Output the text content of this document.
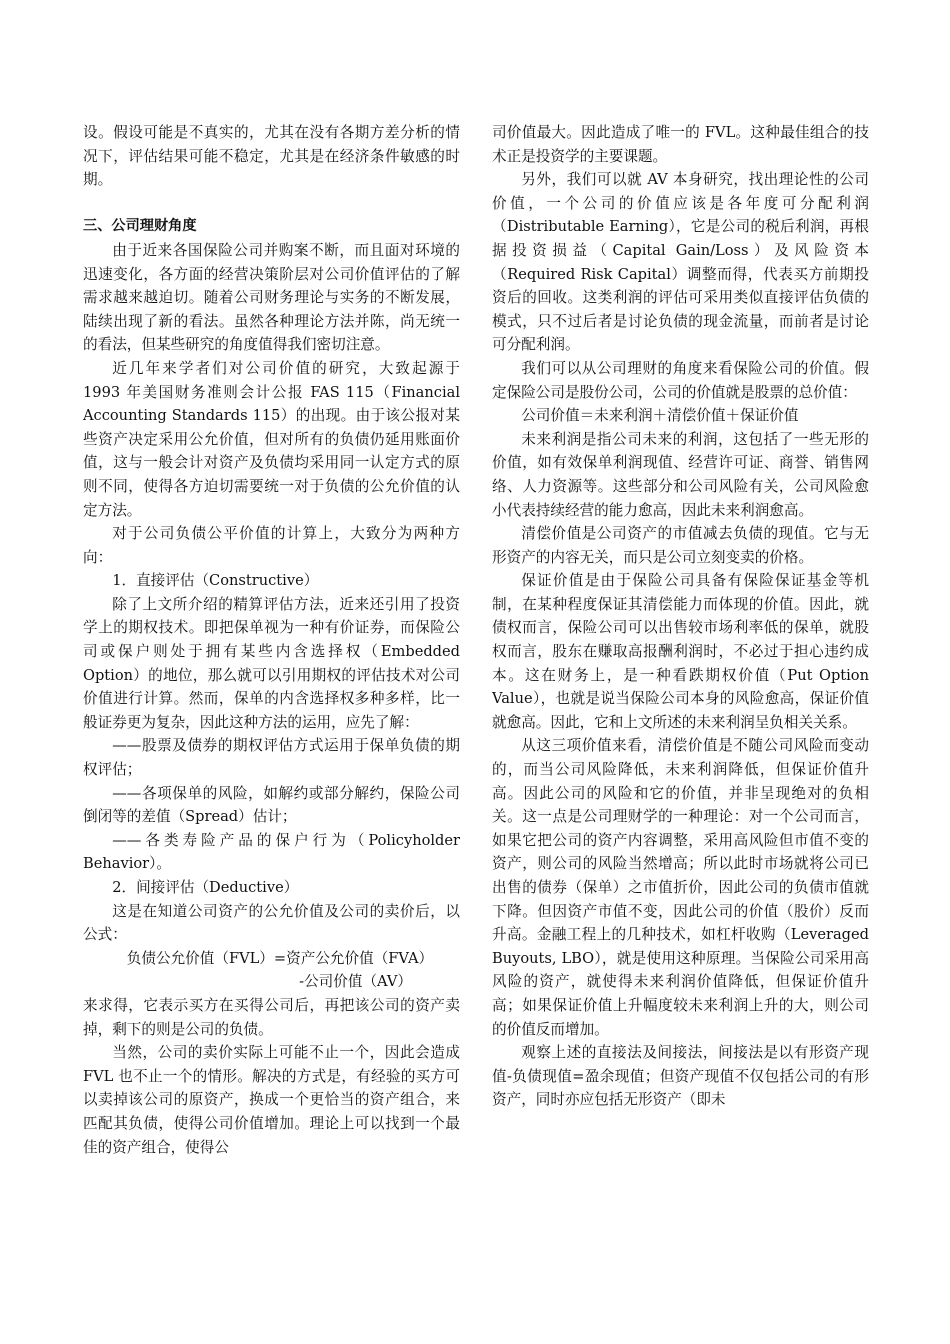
设。假设可能是不真实的，尤其在没有各期方差分析的情况下，评估结果可能不稳定，尤其是在经济条件敏感的时期。

三、公司理财角度

由于近来各国保险公司并购案不断，而且面对环境的迅速变化，各方面的经营决策阶层对公司价值评估的了解需求越来越迫切。随着公司财务理论与实务的不断发展，陆续出现了新的看法。虽然各种理论方法并陈，尚无统一的看法，但某些研究的角度值得我们密切注意。

近几年来学者们对公司价值的研究，大致起源于 1993 年美国财务准则会计公报 FAS 115（Financial Accounting Standards 115）的出现。由于该公报对某些资产决定采用公允价值，但对所有的负债仍延用账面价值，这与一般会计对资产及负债均采用同一认定方式的原则不同，使得各方迫切需要统一对于负债的公允价值的认定方法。

对于公司负债公平价值的计算上，大致分为两种方向：

1．直接评估（Constructive）

除了上文所介绍的精算评估方法，近来还引用了投资学上的期权技术。即把保单视为一种有价证券，而保险公司或保户则处于拥有某些内含选择权（Embedded Option）的地位，那么就可以引用期权的评估技术对公司价值进行计算。然而，保单的内含选择权多种多样，比一般证券更为复杂，因此这种方法的运用，应先了解：

——股票及债券的期权评估方式运用于保单负债的期权评估；

——各项保单的风险，如解约或部分解约，保险公司倒闭等的差值（Spread）估计；

——各类寿险产品的保户行为（Policyholder Behavior）。

2．间接评估（Deductive）

这是在知道公司资产的公允价值及公司的卖价后，以公式：

负债公允价值（FVL）=资产公允价值（FVA）

-公司价值（AV）

来求得，它表示买方在买得公司后，再把该公司的资产卖掉，剩下的则是公司的负债。

当然，公司的卖价实际上可能不止一个，因此会造成 FVL 也不止一个的情形。解决的方式是，有经验的买方可以卖掉该公司的原资产，换成一个更恰当的资产组合，来匹配其负债，使得公司价值增加。理论上可以找到一个最佳的资产组合，使得公

司价值最大。因此造成了唯一的 FVL。这种最佳组合的技术正是投资学的主要课题。

另外，我们可以就 AV 本身研究，找出理论性的公司价值，一个公司的价值应该是各年度可分配利润（Distributable Earning），它是公司的税后利润，再根据投资损益（Capital Gain/Loss）及风险资本（Required Risk Capital）调整而得，代表买方前期投资后的回收。这类利润的评估可采用类似直接评估负债的模式，只不过后者是讨论负债的现金流量，而前者是讨论可分配利润。

我们可以从公司理财的角度来看保险公司的价值。假定保险公司是股份公司，公司的价值就是股票的总价值：

公司价值＝未来利润＋清偿价值＋保证价值

未来利润是指公司未来的利润，这包括了一些无形的价值，如有效保单利润现值、经营许可证、商誉、销售网络、人力资源等。这些部分和公司风险有关，公司风险愈小代表持续经营的能力愈高，因此未来利润愈高。

清偿价值是公司资产的市值减去负债的现值。它与无形资产的内容无关，而只是公司立刻变卖的价格。

保证价值是由于保险公司具备有保险保证基金等机制，在某种程度保证其清偿能力而体现的价值。因此，就债权而言，保险公司可以出售较市场利率低的保单，就股权而言，股东在赚取高报酬利润时，不必过于担心违约成本。这在财务上，是一种看跌期权价值（Put Option Value），也就是说当保险公司本身的风险愈高，保证价值就愈高。因此，它和上文所述的未来利润呈负相关关系。

从这三项价值来看，清偿价值是不随公司风险而变动的，而当公司风险降低，未来利润降低，但保证价值升高。因此公司的风险和它的价值，并非呈现绝对的负相关。这一点是公司理财学的一种理论：对一个公司而言，如果它把公司的资产内容调整，采用高风险但市值不变的资产，则公司的风险当然增高；所以此时市场就将公司已出售的债券（保单）之市值折价，因此公司的负债市值就下降。但因资产市值不变，因此公司的价值（股价）反而升高。金融工程上的几种技术，如杠杆收购（Leveraged Buyouts, LBO），就是使用这种原理。当保险公司采用高风险的资产，就使得未来利润价值降低，但保证价值升高；如果保证价值上升幅度较未来利润上升的大，则公司的价值反而增加。

观察上述的直接法及间接法，间接法是以有形资产现值-负债现值=盈余现值；但资产现值不仅包括公司的有形资产，同时亦应包括无形资产（即未
